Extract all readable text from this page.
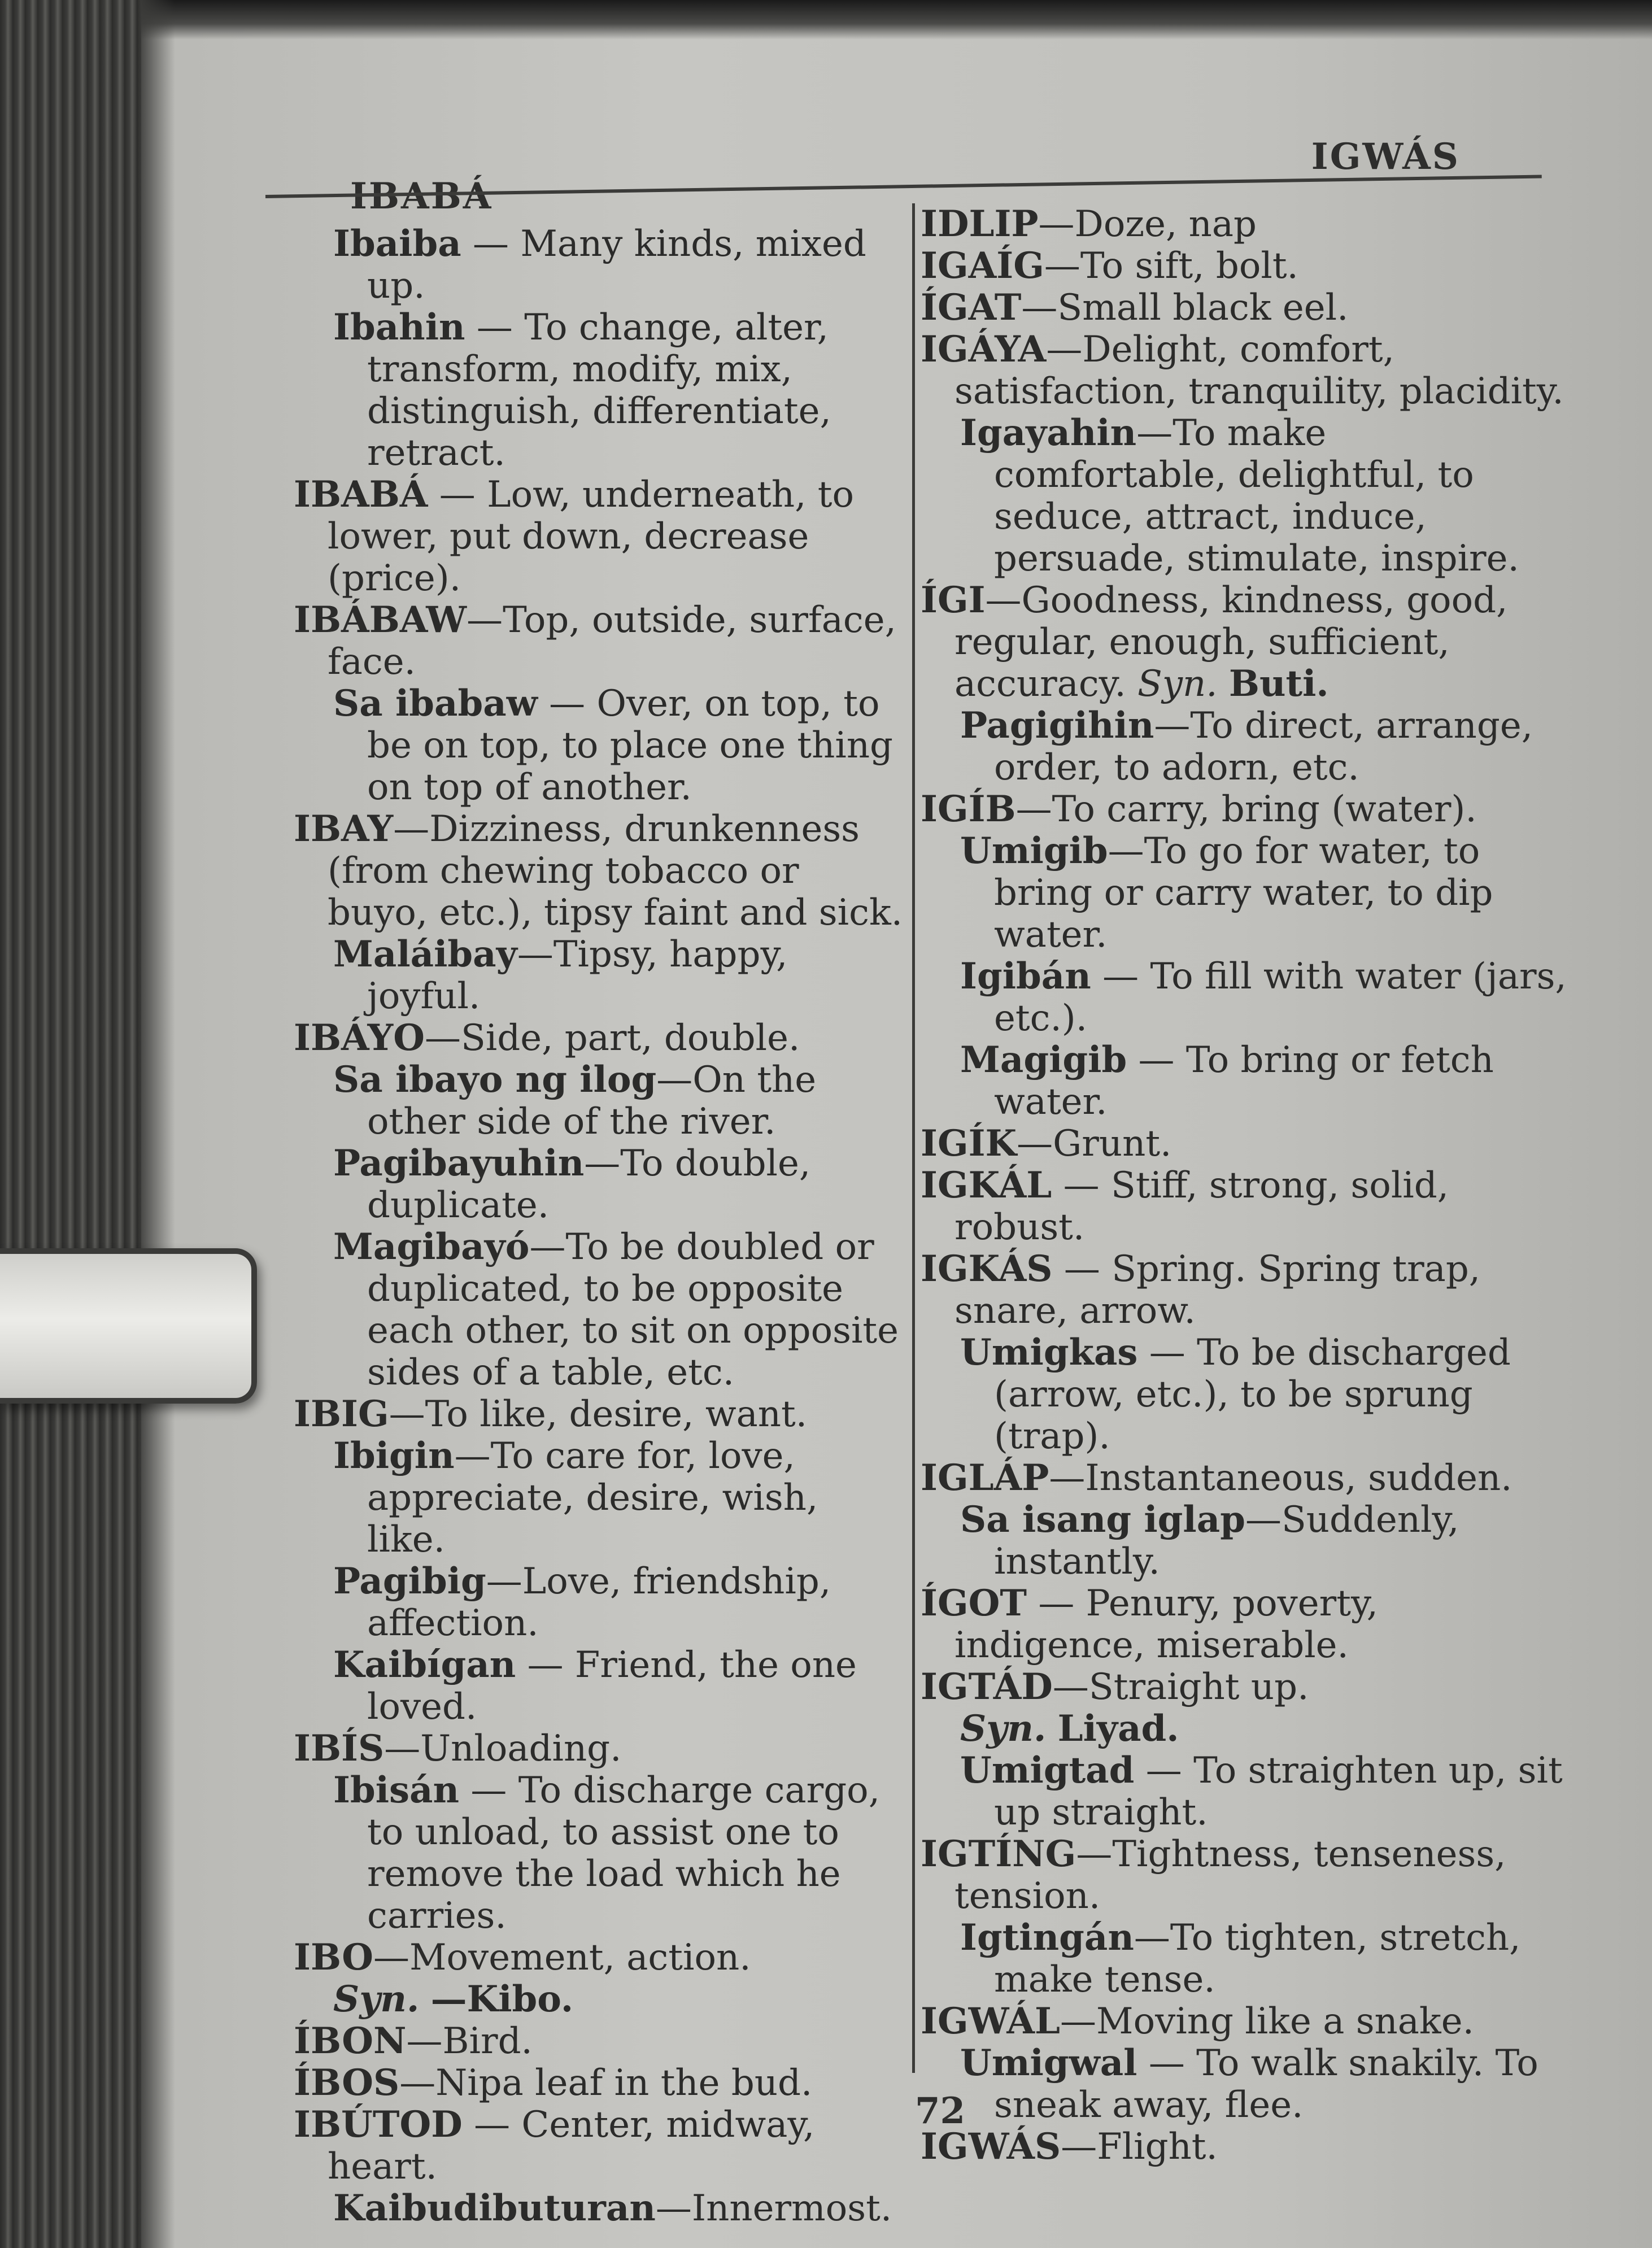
IBABÁ
IGWÁS

Ibaiba — Many kinds, mixed up.

Ibahin — To change, alter, transform, modify, mix, distinguish, differentiate, retract.

IBABÁ — Low, underneath, to lower, put down, decrease (price).

IBÁBAW—Top, outside, surface, face.

Sa ibabaw — Over, on top, to be on top, to place one thing on top of another.

IBAY—Dizziness, drunkenness (from chewing tobacco or buyo, etc.), tipsy faint and sick.

Maláibay—Tipsy, happy, joyful.

IBÁYO—Side, part, double.

Sa ibayo ng ilog—On the other side of the river.

Pagibayuhin—To double, duplicate.

Magibayó—To be doubled or duplicated, to be opposite each other, to sit on opposite sides of a table, etc.

IBIG—To like, desire, want.

Ibigin—To care for, love, appreciate, desire, wish, like.

Pagibig—Love, friendship, affection.

Kaibígan — Friend, the one loved.

IBÍS—Unloading.

Ibisán — To discharge cargo, to unload, to assist one to remove the load which he carries.

IBO—Movement, action.

Syn. —Kibo.

ÍBON—Bird.

ÍBOS—Nipa leaf in the bud.

IBÚTOD — Center, midway, heart.

Kaibudibuturan—Innermost.

IDLIP—Doze, nap

IGAÍG—To sift, bolt.

ÍGAT—Small black eel.

IGÁYA—Delight, comfort, satisfaction, tranquility, placidity.

Igayahin—To make comfortable, delightful, to seduce, attract, induce, persuade, stimulate, inspire.

ÍGI—Goodness, kindness, good, regular, enough, sufficient, accuracy. Syn. Buti.

Pagigihin—To direct, arrange, order, to adorn, etc.

IGÍB—To carry, bring (water).

Umigib—To go for water, to bring or carry water, to dip water.

Igibán — To fill with water (jars, etc.).

Magigib — To bring or fetch water.

IGÍK—Grunt.

IGKÁL — Stiff, strong, solid, robust.

IGKÁS — Spring. Spring trap, snare, arrow.

Umigkas — To be discharged (arrow, etc.), to be sprung (trap).

IGLÁP—Instantaneous, sudden.

Sa isang iglap—Suddenly, instantly.

ÍGOT — Penury, poverty, indigence, miserable.

IGTÁD—Straight up.

Syn. Liyad.

Umigtad — To straighten up, sit up straight.

IGTÍNG—Tightness, tenseness, tension.

Igtingán—To tighten, stretch, make tense.

IGWÁL—Moving like a snake.

Umigwal — To walk snakily. To sneak away, flee.

IGWÁS—Flight.

72
